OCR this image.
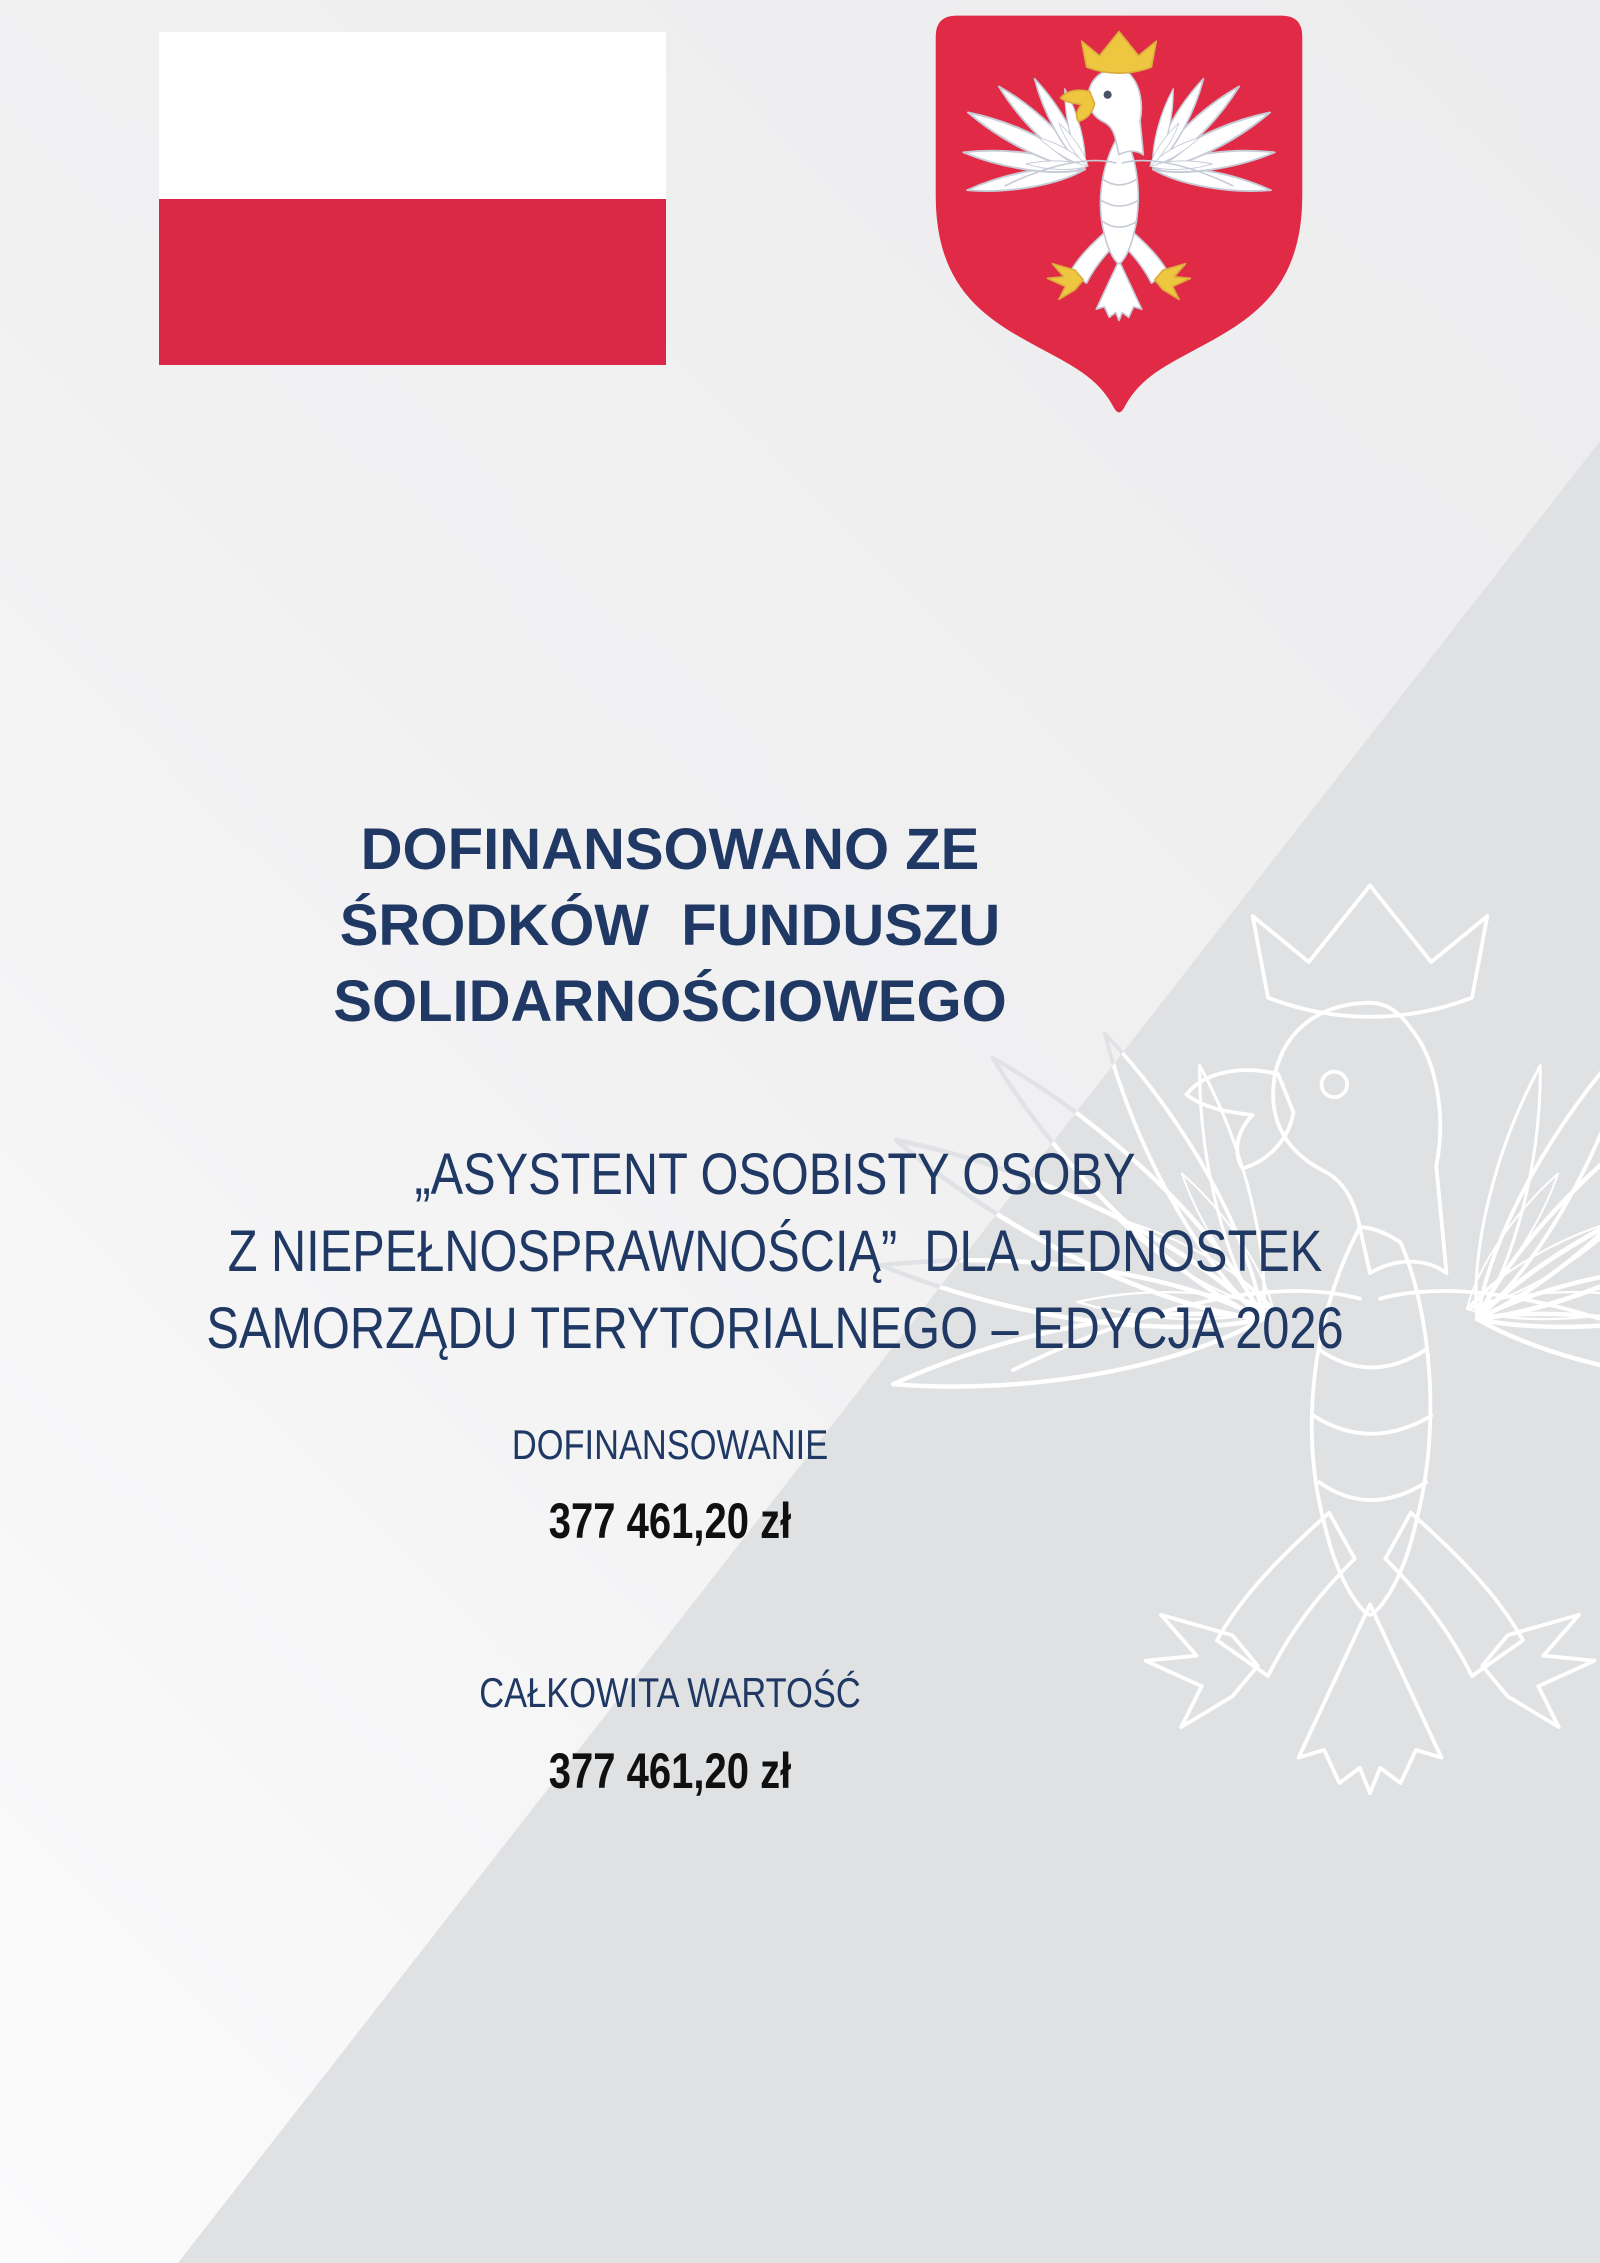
DOFINANSOWANO ZE
ŚRODKÓW  FUNDUSZU
SOLIDARNOŚCIOWEGO
„ASYSTENT OSOBISTY OSOBY
Z NIEPEŁNOSPRAWNOŚCIĄ”  DLA JEDNOSTEK
SAMORZĄDU TERYTORIALNEGO – EDYCJA 2026
DOFINANSOWANIE
377 461,20 zł
CAŁKOWITA WARTOŚĆ
377 461,20 zł
